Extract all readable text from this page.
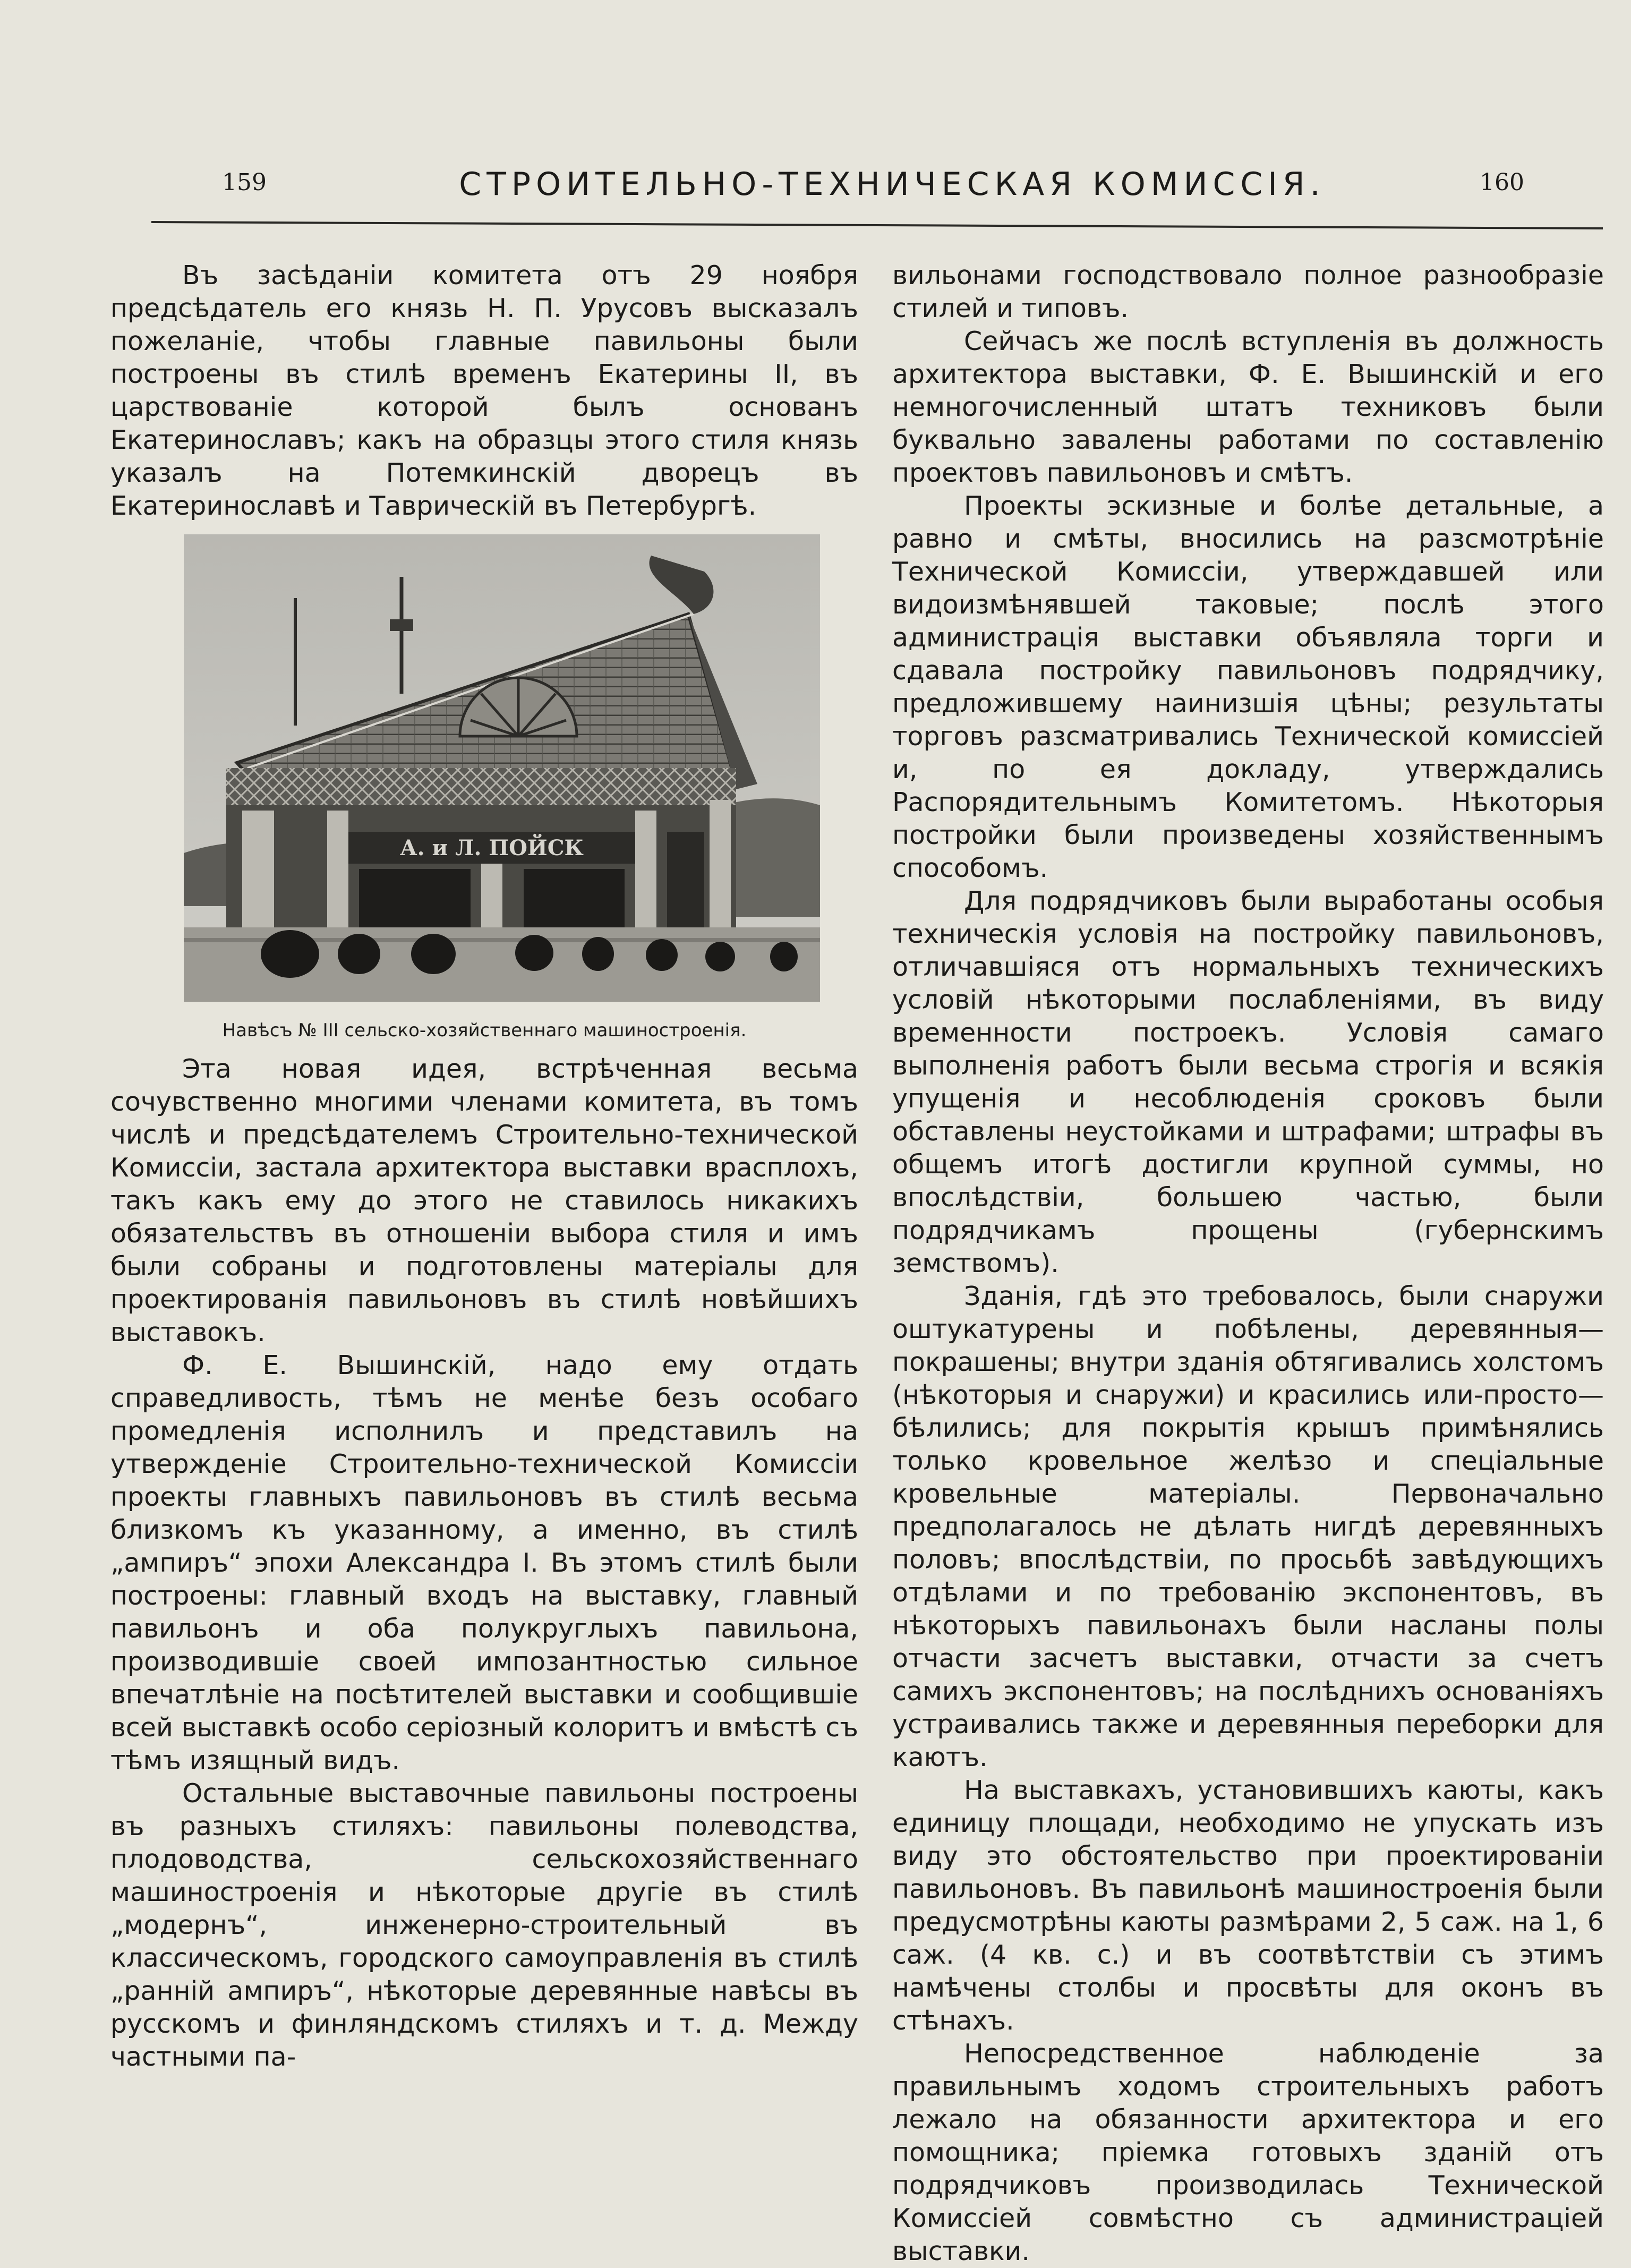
159	СТРОИТЕЛЬНО-ТЕХНИЧЕСКАЯ КОМИССІЯ.	160

Въ засѣданіи комитета отъ 29 ноября предсѣдатель его князь Н. П. Урусовъ высказалъ пожеланіе, чтобы главные павильоны были построены въ стилѣ временъ Екатерины II, въ царствованіе которой былъ основанъ Екатеринославъ; какъ на образцы этого стиля князь указалъ на Потемкинскій дворецъ въ Екатеринославѣ и Таврическій въ Петербургѣ.

А. и Л. ПОЙСК
Навѣсъ № III сельско-хозяйственнаго машиностроенія.

Эта новая идея, встрѣченная весьма сочувственно многими членами комитета, въ томъ числѣ и предсѣдателемъ Строительно-технической Комиссіи, застала архитектора выставки врасплохъ, такъ какъ ему до этого не ставилось никакихъ обязательствъ въ отношеніи выбора стиля и имъ были собраны и подготовлены матеріалы для проектированія павильоновъ въ стилѣ новѣйшихъ выставокъ.

Ф. Е. Вышинскій, надо ему отдать справедливость, тѣмъ не менѣе безъ особаго промедленія исполнилъ и представилъ на утвержденіе Строительно-технической Комиссіи проекты главныхъ павильоновъ въ стилѣ весьма близкомъ къ указанному, а именно, въ стилѣ „ампиръ“ эпохи Александра I. Въ этомъ стилѣ были построены: главный входъ на выставку, главный павильонъ и оба полукруглыхъ павильона, производившіе своей импозантностью сильное впечатлѣніе на посѣтителей выставки и сообщившіе всей выставкѣ особо серіозный колоритъ и вмѣстѣ съ тѣмъ изящный видъ.

Остальные выставочные павильоны построены въ разныхъ стиляхъ: павильоны полеводства, плодоводства, сельскохозяйственнаго машиностроенія и нѣкоторые другіе въ стилѣ „модернъ“, инженерно-строительный въ классическомъ, городского самоуправленія въ стилѣ „ранній ампиръ“, нѣкоторые деревянные навѣсы въ русскомъ и финляндскомъ стиляхъ и т. д. Между частными па-

вильонами господствовало полное разнообразіе стилей и типовъ.

Сейчасъ же послѣ вступленія въ должность архитектора выставки, Ф. Е. Вышинскій и его немногочисленный штатъ техниковъ были буквально завалены работами по составленію проектовъ павильоновъ и смѣтъ.

Проекты эскизные и болѣе детальные, а равно и смѣты, вносились на разсмотрѣніе Технической Комиссіи, утверждавшей или видоизмѣнявшей таковые; послѣ этого администрація выставки объявляла торги и сдавала постройку павильоновъ подрядчику, предложившему наинизшія цѣны; результаты торговъ разсматривались Технической комиссіей и, по ея докладу, утверждались Распорядительнымъ Комитетомъ. Нѣкоторыя постройки были произведены хозяйственнымъ способомъ.

Для подрядчиковъ были выработаны особыя техническія условія на постройку павильоновъ, отличавшіяся отъ нормальныхъ техническихъ условій нѣкоторыми послабленіями, въ виду временности построекъ. Условія самаго выполненія работъ были весьма строгія и всякія упущенія и несоблюденія сроковъ были обставлены неустойками и штрафами; штрафы въ общемъ итогѣ достигли крупной суммы, но впослѣдствіи, большею частью, были подрядчикамъ прощены (губернскимъ земствомъ).

Зданія, гдѣ это требовалось, были снаружи оштукатурены и побѣлены, деревянныя—покрашены; внутри зданія обтягивались холстомъ (нѣкоторыя и снаружи) и красились или-просто—бѣлились; для покрытія крышъ примѣнялись только кровельное желѣзо и спеціальные кровельные матеріалы. Первоначально предполагалось не дѣлать нигдѣ деревянныхъ половъ; впослѣдствіи, по просьбѣ завѣдующихъ отдѣлами и по требованію экспонентовъ, въ нѣкоторыхъ павильонахъ были насланы полы отчасти засчетъ выставки, отчасти за счетъ самихъ экспонентовъ; на послѣднихъ основаніяхъ устраивались также и деревянныя переборки для каютъ.

На выставкахъ, установившихъ каюты, какъ единицу площади, необходимо не упускать изъ виду это обстоятельство при проектированіи павильоновъ. Въ павильонѣ машиностроенія были предусмотрѣны каюты размѣрами 2, 5 саж. на 1, 6 саж. (4 кв. с.) и въ соотвѣтствіи съ этимъ намѣчены столбы и просвѣты для оконъ въ стѣнахъ.

Непосредственное наблюденіе за правильнымъ ходомъ строительныхъ работъ лежало на обязанности архитектора и его помощника; пріемка готовыхъ зданій отъ подрядчиковъ производилась Технической Комиссіей совмѣстно съ администраціей выставки.
